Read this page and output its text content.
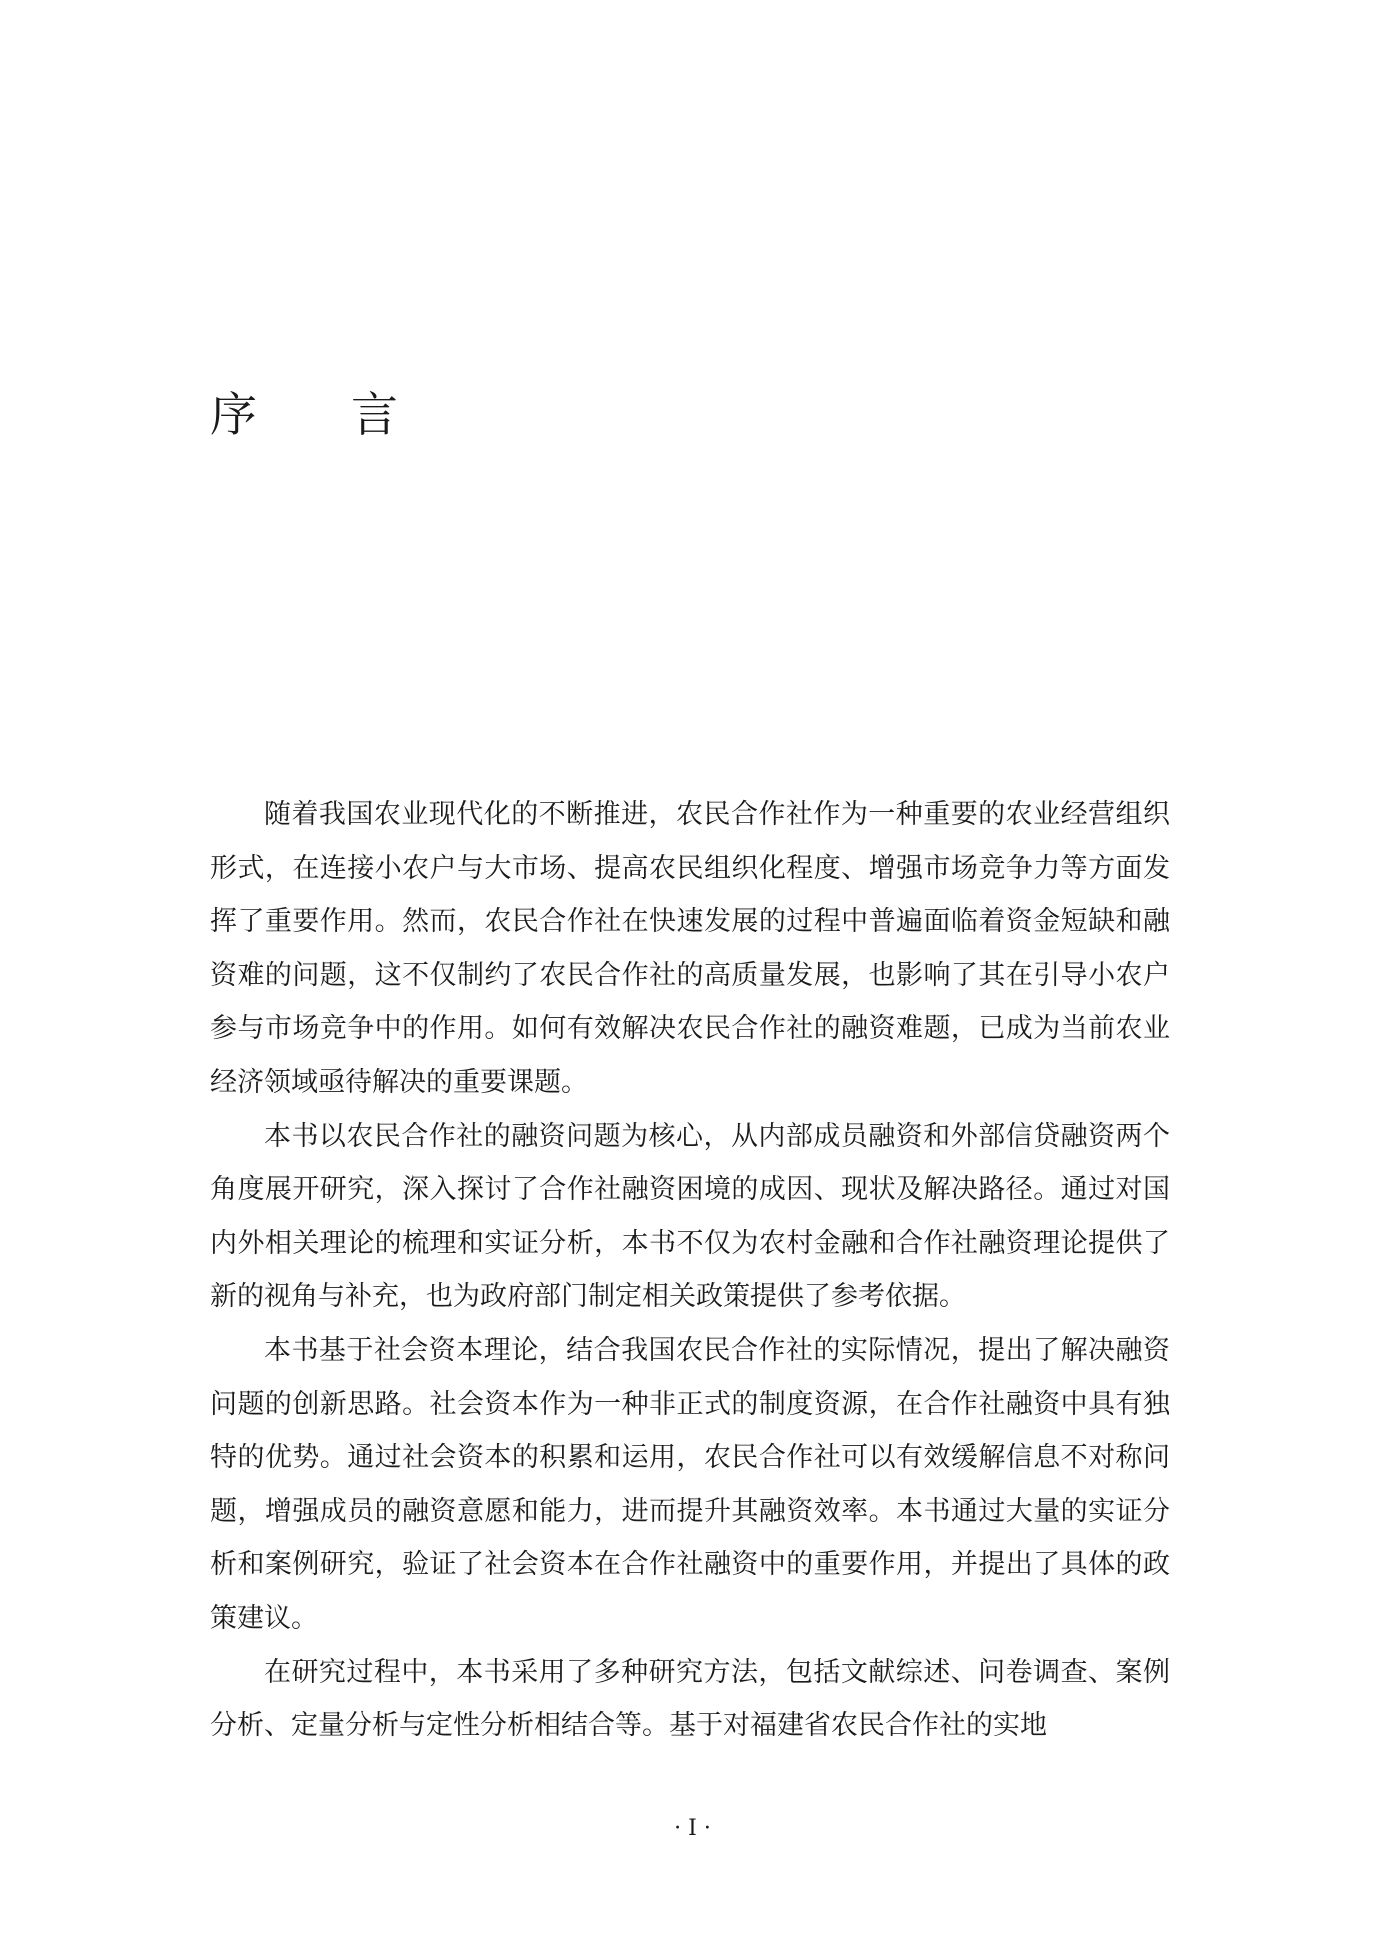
序　　言

随着我国农业现代化的不断推进，农民合作社作为一种重要的农业经营组织形式，在连接小农户与大市场、提高农民组织化程度、增强市场竞争力等方面发挥了重要作用。然而，农民合作社在快速发展的过程中普遍面临着资金短缺和融资难的问题，这不仅制约了农民合作社的高质量发展，也影响了其在引导小农户参与市场竞争中的作用。如何有效解决农民合作社的融资难题，已成为当前农业经济领域亟待解决的重要课题。

本书以农民合作社的融资问题为核心，从内部成员融资和外部信贷融资两个角度展开研究，深入探讨了合作社融资困境的成因、现状及解决路径。通过对国内外相关理论的梳理和实证分析，本书不仅为农村金融和合作社融资理论提供了新的视角与补充，也为政府部门制定相关政策提供了参考依据。

本书基于社会资本理论，结合我国农民合作社的实际情况，提出了解决融资问题的创新思路。社会资本作为一种非正式的制度资源，在合作社融资中具有独特的优势。通过社会资本的积累和运用，农民合作社可以有效缓解信息不对称问题，增强成员的融资意愿和能力，进而提升其融资效率。本书通过大量的实证分析和案例研究，验证了社会资本在合作社融资中的重要作用，并提出了具体的政策建议。

在研究过程中，本书采用了多种研究方法，包括文献综述、问卷调查、案例分析、定量分析与定性分析相结合等。基于对福建省农民合作社的实地

· I ·
